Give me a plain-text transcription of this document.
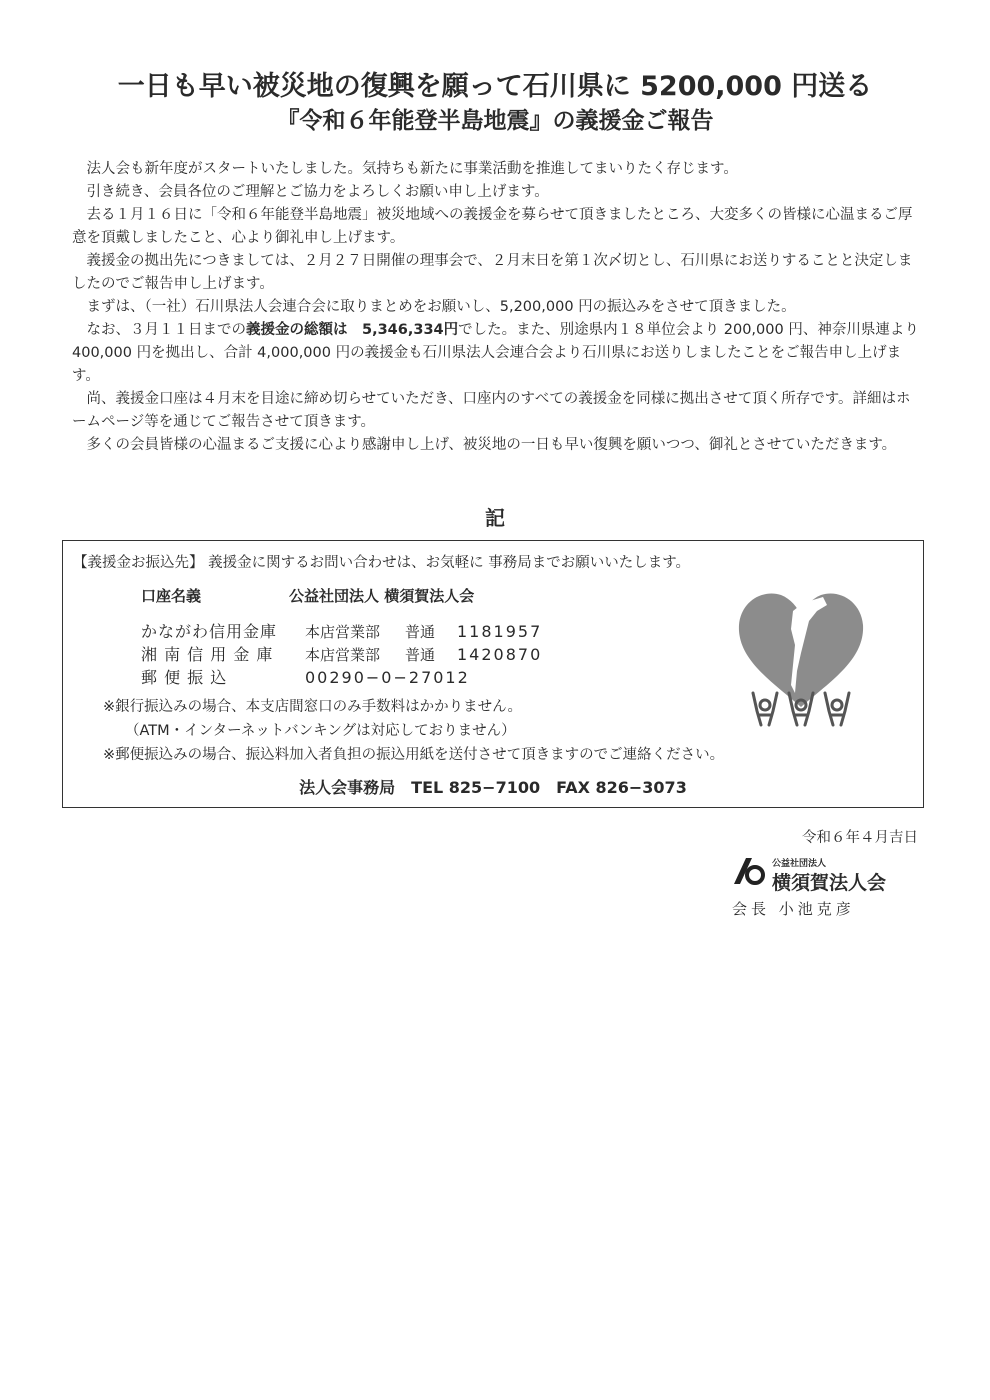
一日も早い被災地の復興を願って石川県に 5200,000 円送る
『令和６年能登半島地震』の義援金ご報告

法人会も新年度がスタートいたしました。気持ちも新たに事業活動を推進してまいりたく存じます。

引き続き、会員各位のご理解とご協力をよろしくお願い申し上げます。

去る１月１６日に「令和６年能登半島地震」被災地域への義援金を募らせて頂きましたところ、大変多くの皆様に心温まるご厚意を頂戴しましたこと、心より御礼申し上げます。

義援金の拠出先につきましては、２月２７日開催の理事会で、２月末日を第１次〆切とし、石川県にお送りすることと決定しましたのでご報告申し上げます。

まずは、（一社）石川県法人会連合会に取りまとめをお願いし、5,200,000 円の振込みをさせて頂きました。

なお、３月１１日までの義援金の総額は　5,346,334円でした。また、別途県内１８単位会より 200,000 円、神奈川県連より 400,000 円を拠出し、合計 4,000,000 円の義援金も石川県法人会連合会より石川県にお送りしましたことをご報告申し上げます。

尚、義援金口座は４月末を目途に締め切らせていただき、口座内のすべての義援金を同様に拠出させて頂く所存です。詳細はホームページ等を通じてご報告させて頂きます。

多くの会員皆様の心温まるご支援に心より感謝申し上げ、被災地の一日も早い復興を願いつつ、御礼とさせていただきます。

記
【義援金お振込先】 義援金に関するお問い合わせは、お気軽に 事務局までお願いいたします。
口座名義	公益社団法人 横須賀法人会
かながわ信用金庫 本店営業部 普通 1181957
湘 南 信 用 金 庫 本店営業部 普通 1420870
郵 便 振 込	00290−0−27012
※銀行振込みの場合、本支店間窓口のみ手数料はかかりません。
（ATM・インターネットバンキングは対応しておりません）
※郵便振込みの場合、振込料加入者負担の振込用紙を送付させて頂きますのでご連絡ください。
法人会事務局　TEL 825−7100　FAX 826−3073
令和６年４月吉日
公益社団法人
横須賀法人会
会長 小池克彦
